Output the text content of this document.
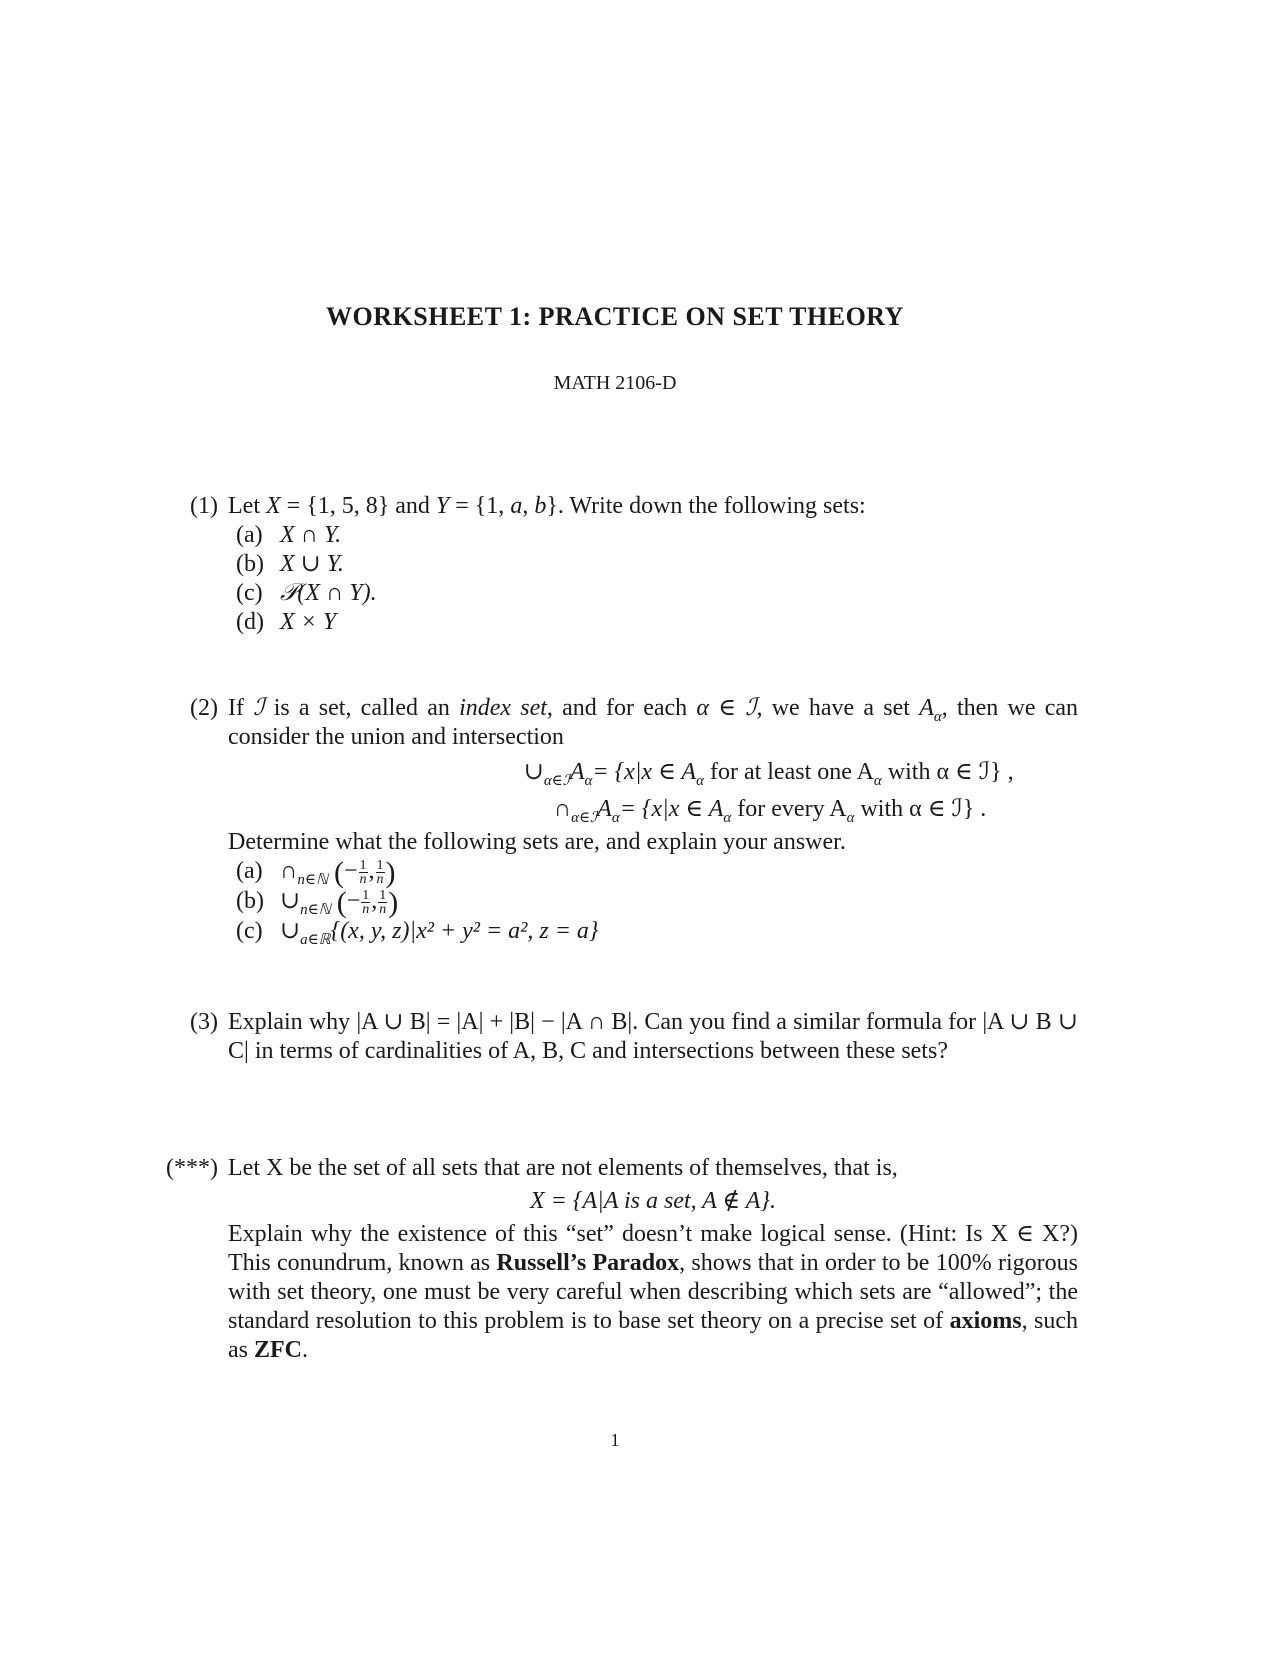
WORKSHEET 1: PRACTICE ON SET THEORY
MATH 2106-D
(1) Let X = {1, 5, 8} and Y = {1, a, b}. Write down the following sets:
(a) X ∩ Y.
(b) X ∪ Y.
(c) 𝒫(X ∩ Y).
(d) X × Y
(2) If ℐ is a set, called an index set, and for each α ∈ ℐ, we have a set $A_\alpha$, then we can consider the union and intersection
$\cup_{\alpha\in ℐ}A_\alpha = \{x|x$ ∈ $A_\alpha$ for at least one $A_\alpha$ with α ∈ ℐ} ,
$\cap_{\alpha\in ℐ}A_\alpha = \{x|x$ ∈ $A_\alpha$ for every $A_\alpha$ with α ∈ ℐ} .
Determine what the following sets are, and explain your answer.
(a) $\cap_{n\in ℕ}$ (− $\frac{1}{n}$ , $\frac{1}{n}$ )
(b) $\cup_{n\in ℕ}$ (− $\frac{1}{n}$ , $\frac{1}{n}$ )
(c) $\cup_{a\in ℝ}\{(x$, y, z)|x² + y² = a², z = a}
(3) Explain why |A ∪ B| = |A| + |B| − |A ∩ B|. Can you find a similar formula for |A ∪ B ∪ C| in terms of cardinalities of A, B, C and intersections between these sets?
(***) Let X be the set of all sets that are not elements of themselves, that is,
X = {A|A is a set, A ∉ A}.
Explain why the existence of this “set” doesn’t make logical sense. (Hint: Is X ∈ X?) This conundrum, known as Russell’s Paradox, shows that in order to be 100% rigorous with set theory, one must be very careful when describing which sets are “allowed”; the standard resolution to this problem is to base set theory on a precise set of axioms, such as ZFC.
1
